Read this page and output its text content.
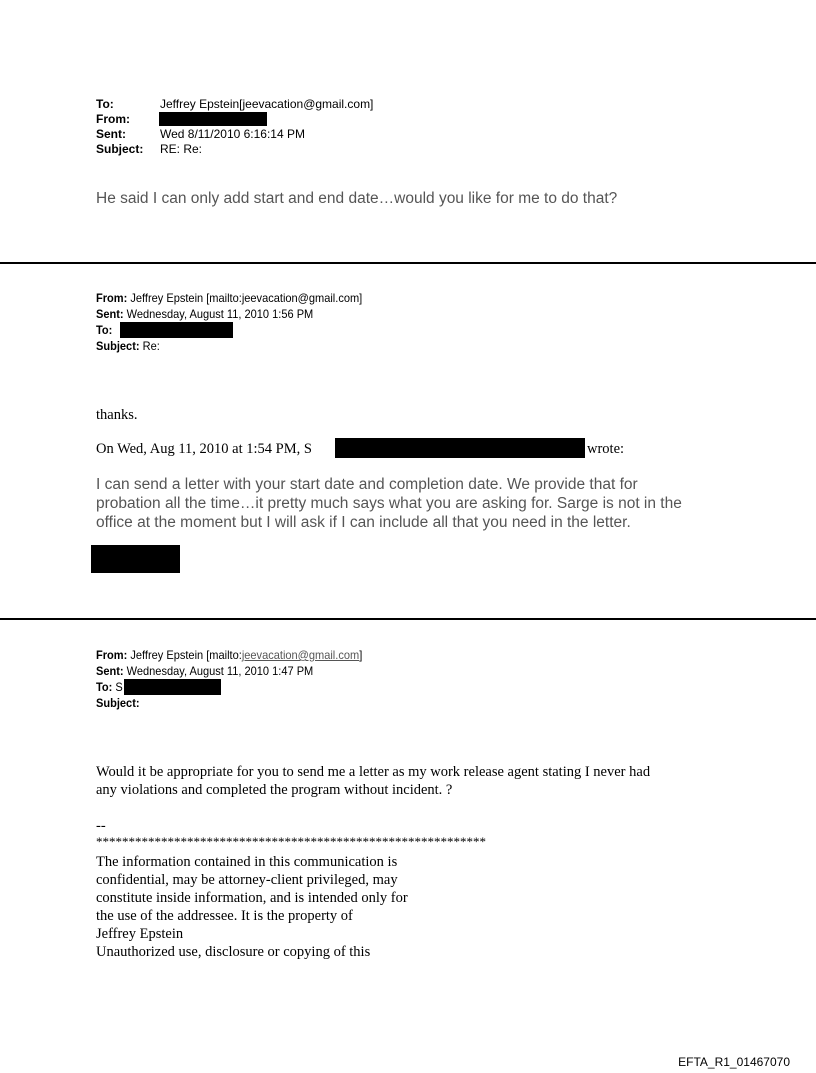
To:	Jeffrey Epstein[jeevacation@gmail.com]
From:
Sent:	Wed 8/11/2010 6:16:14 PM
Subject: RE: Re:
He said I can only add start and end date…would you like for me to do that?
From: Jeffrey Epstein [mailto:jeevacation@gmail.com]
Sent: Wednesday, August 11, 2010 1:56 PM
To:
Subject: Re:
thanks.
On Wed, Aug 11, 2010 at 1:54 PM, S	wrote:
I can send a letter with your start date and completion date. We provide that for
probation all the time…it pretty much says what you are asking for. Sarge is not in the
office at the moment but I will ask if I can include all that you need in the letter.
From: Jeffrey Epstein [mailto:jeevacation@gmail.com]
Sent: Wednesday, August 11, 2010 1:47 PM
To: S
Subject:
Would it be appropriate for you to send me a letter as my work release agent stating I never had
any violations and completed the program without incident. ?
--
************************************************************
The information contained in this communication is
confidential, may be attorney-client privileged, may
constitute inside information, and is intended only for
the use of the addressee. It is the property of
Jeffrey Epstein
Unauthorized use, disclosure or copying of this
EFTA_R1_01467070
